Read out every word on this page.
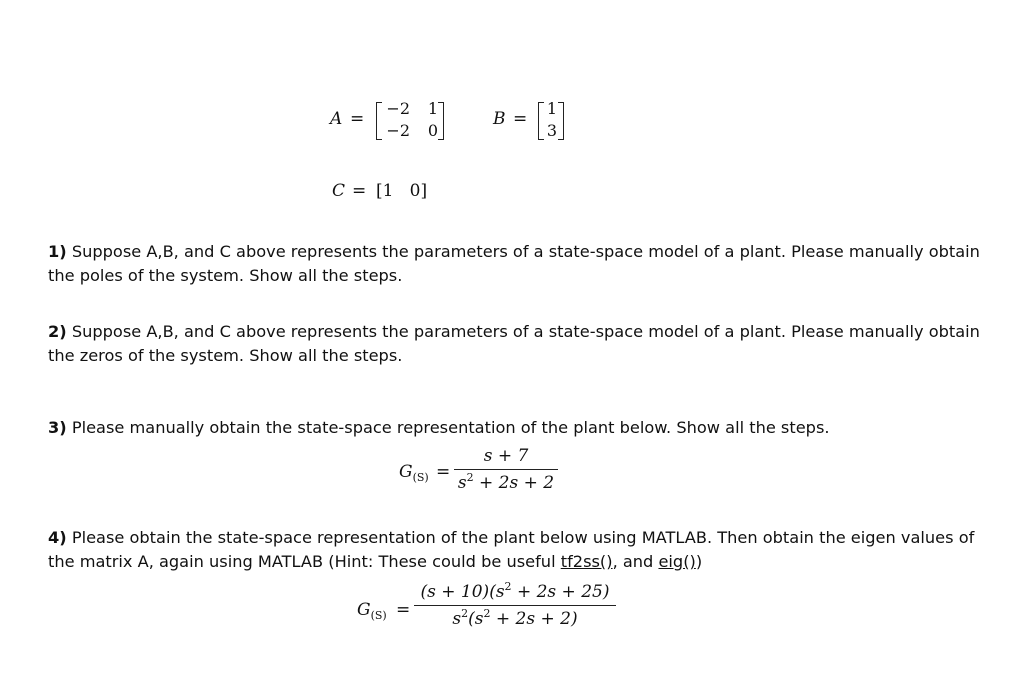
A =
−2	1
−2	0
B =
1
3
C = [1   0]
1) Suppose A,B, and C above represents the parameters of a state-space model of a plant. Please manually obtain the poles of the system. Show all the steps.
2) Suppose A,B, and C above represents the parameters of a state-space model of a plant. Please manually obtain the zeros of the system. Show all the steps.
3) Please manually obtain the state-space representation of the plant below. Show all the steps.
$G_{(S)}$ =
s + 7
$s^2 + 2s + 2$
4) Please obtain the state-space representation of the plant below using MATLAB. Then obtain the eigen values of the matrix A, again using MATLAB (Hint: These could be useful tf2ss(), and eig())
$G_{(S)}$ =
$(s + 10)(s^2 + 2s + 25)$
$s^2(s^2 + 2s + 2)$
